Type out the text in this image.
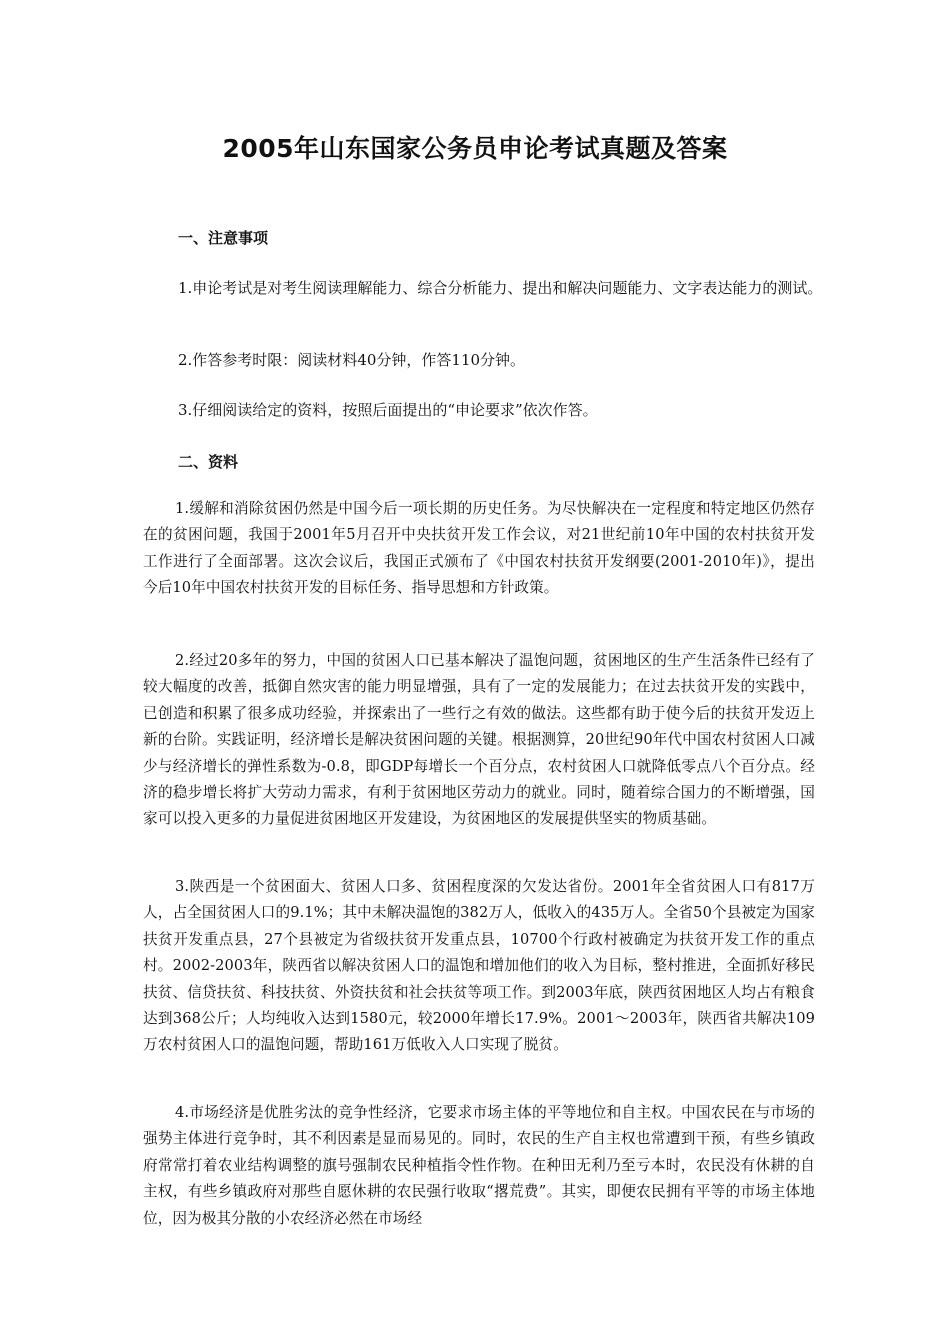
2005年山东国家公务员申论考试真题及答案
一、注意事项
1.申论考试是对考生阅读理解能力、综合分析能力、提出和解决问题能力、文字表达能力的测试。
2.作答参考时限：阅读材料40分钟，作答110分钟。
3.仔细阅读给定的资料，按照后面提出的“申论要求”依次作答。
二、资料
1.缓解和消除贫困仍然是中国今后一项长期的历史任务。为尽快解决在一定程度和特定地区仍然存在的贫困问题，我国于2001年5月召开中央扶贫开发工作会议，对21世纪前10年中国的农村扶贫开发工作进行了全面部署。这次会议后，我国正式颁布了《中国农村扶贫开发纲要(2001-2010年)》，提出今后10年中国农村扶贫开发的目标任务、指导思想和方针政策。
2.经过20多年的努力，中国的贫困人口已基本解决了温饱问题，贫困地区的生产生活条件已经有了较大幅度的改善，抵御自然灾害的能力明显增强，具有了一定的发展能力；在过去扶贫开发的实践中，已创造和积累了很多成功经验，并探索出了一些行之有效的做法。这些都有助于使今后的扶贫开发迈上新的台阶。实践证明，经济增长是解决贫困问题的关键。根据测算，20世纪90年代中国农村贫困人口减少与经济增长的弹性系数为-0.8，即GDP每增长一个百分点，农村贫困人口就降低零点八个百分点。经济的稳步增长将扩大劳动力需求，有利于贫困地区劳动力的就业。同时，随着综合国力的不断增强，国家可以投入更多的力量促进贫困地区开发建设，为贫困地区的发展提供坚实的物质基础。
3.陕西是一个贫困面大、贫困人口多、贫困程度深的欠发达省份。2001年全省贫困人口有817万人，占全国贫困人口的9.1%；其中未解决温饱的382万人，低收入的435万人。全省50个县被定为国家扶贫开发重点县，27个县被定为省级扶贫开发重点县，10700个行政村被确定为扶贫开发工作的重点村。2002-2003年，陕西省以解决贫困人口的温饱和增加他们的收入为目标，整村推进，全面抓好移民扶贫、信贷扶贫、科技扶贫、外资扶贫和社会扶贫等项工作。到2003年底，陕西贫困地区人均占有粮食达到368公斤；人均纯收入达到1580元，较2000年增长17.9%。2001～2003年，陕西省共解决109万农村贫困人口的温饱问题，帮助161万低收入人口实现了脱贫。
4.市场经济是优胜劣汰的竞争性经济，它要求市场主体的平等地位和自主权。中国农民在与市场的强势主体进行竞争时，其不利因素是显而易见的。同时，农民的生产自主权也常遭到干预，有些乡镇政府常常打着农业结构调整的旗号强制农民种植指令性作物。在种田无利乃至亏本时，农民没有休耕的自主权，有些乡镇政府对那些自愿休耕的农民强行收取“撂荒费”。其实，即便农民拥有平等的市场主体地位，因为极其分散的小农经济必然在市场经
